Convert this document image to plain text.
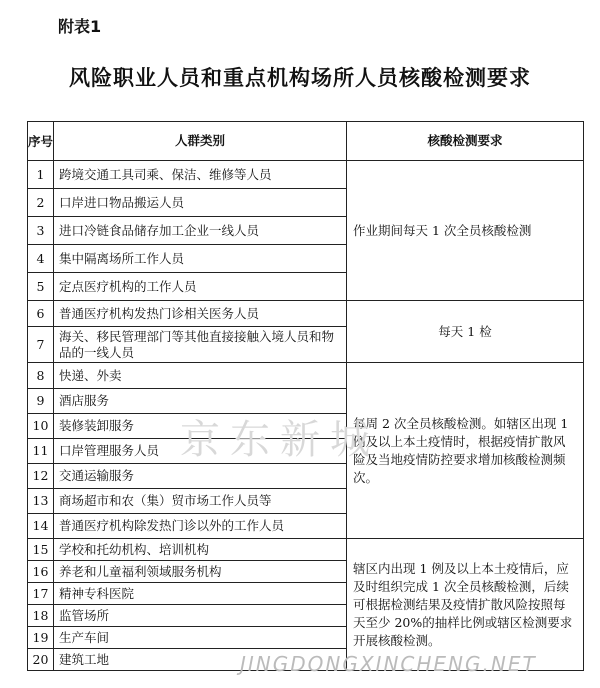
附表1
风险职业人员和重点机构场所人员核酸检测要求
序号	人群类别	核酸检测要求
1	跨境交通工具司乘、保洁、维修等人员	作业期间每天 1 次全员核酸检测
2	口岸进口物品搬运人员	
3	进口冷链食品储存加工企业一线人员	
4	集中隔离场所工作人员	
5	定点医疗机构的工作人员	
6	普通医疗机构发热门诊相关医务人员	每天 1 检
7	海关、移民管理部门等其他直接接触入境人员和物品的一线人员	
8	快递、外卖	每周 2 次全员核酸检测。如辖区出现 1 例及以上本土疫情时，根据疫情扩散风险及当地疫情防控要求增加核酸检测频次。
9	酒店服务	
10	装修装卸服务	
11	口岸管理服务人员	
12	交通运输服务	
13	商场超市和农（集）贸市场工作人员等	
14	普通医疗机构除发热门诊以外的工作人员	
15	学校和托幼机构、培训机构	辖区内出现 1 例及以上本土疫情后，应及时组织完成 1 次全员核酸检测，后续可根据检测结果及疫情扩散风险按照每天至少 20%的抽样比例或辖区检测要求开展核酸检测。
16	养老和儿童福利领域服务机构	
17	精神专科医院	
18	监管场所	
19	生产车间	
20	建筑工地	
京东新城
JINGDONGXINCHENG.NET
